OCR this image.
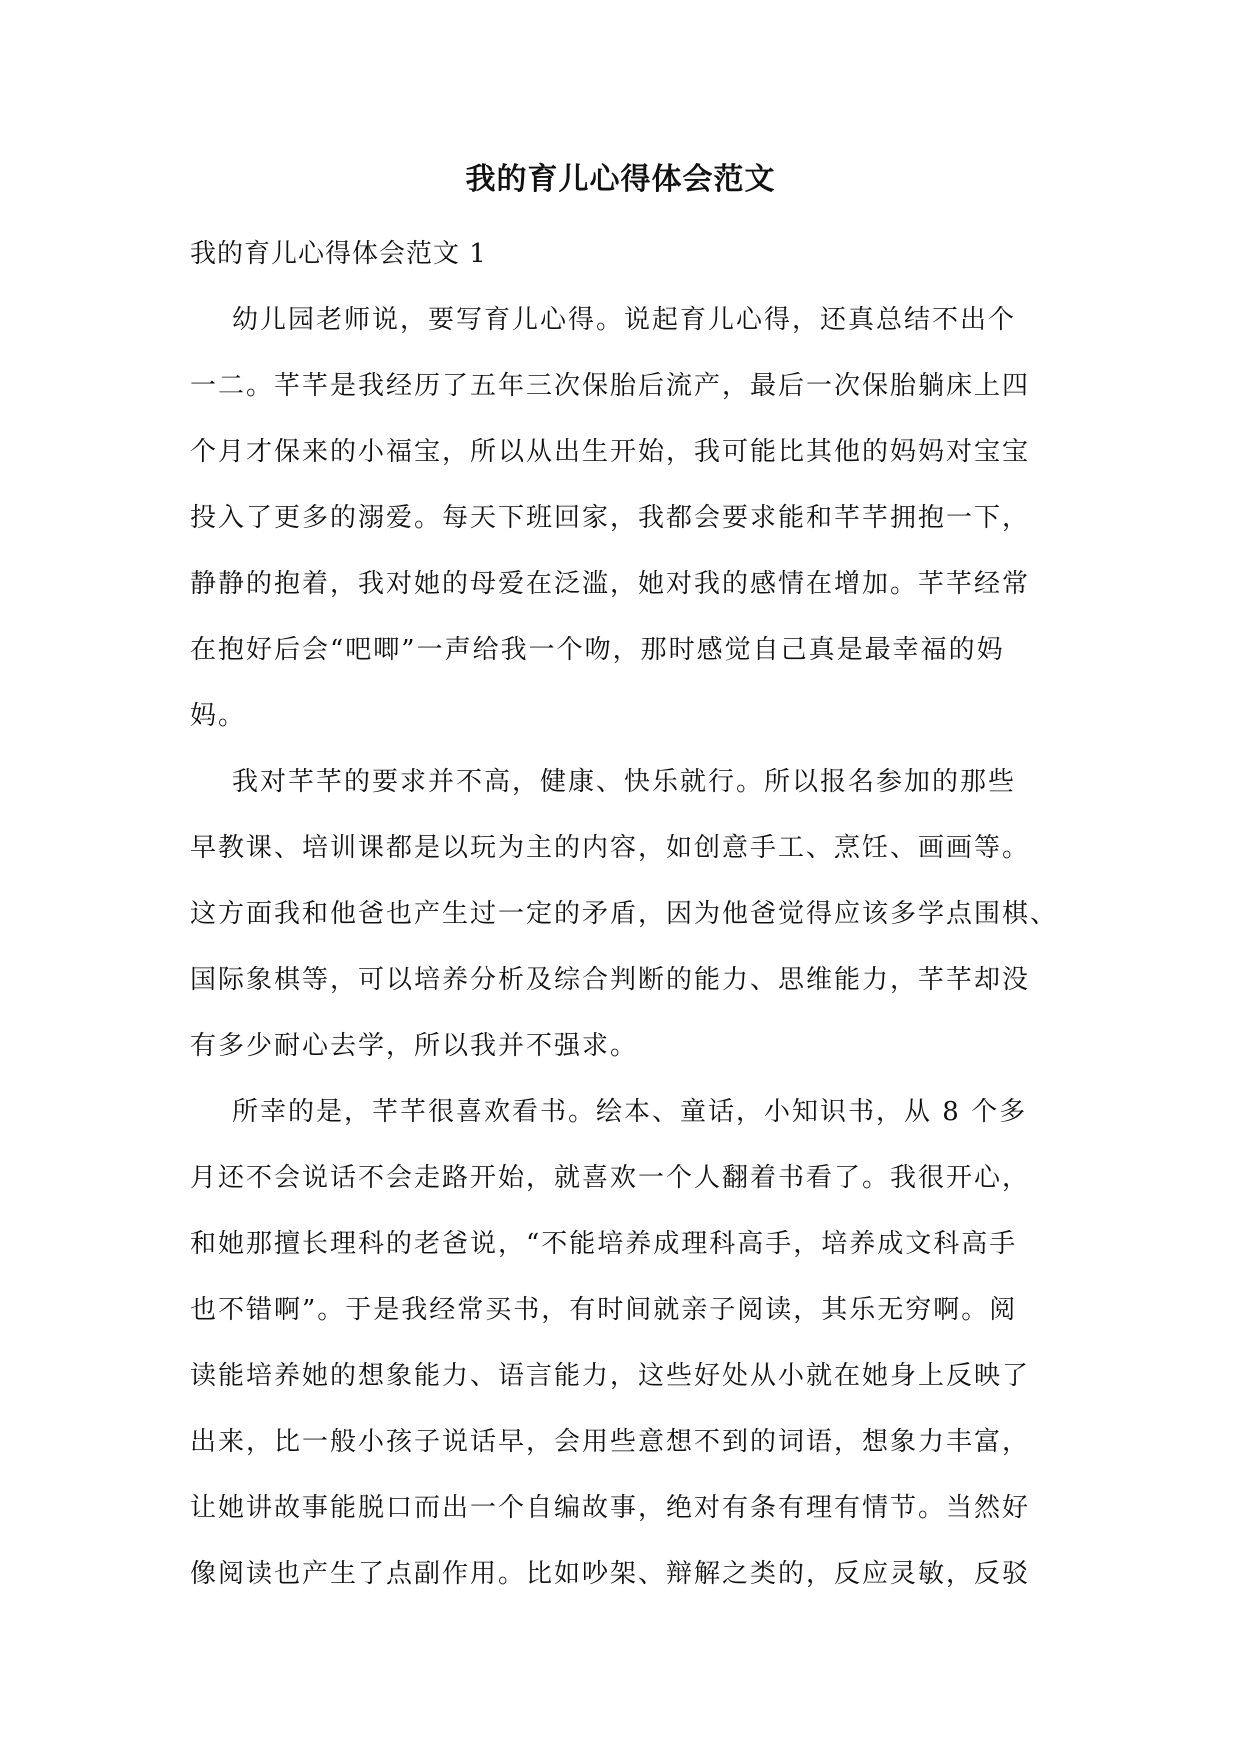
我的育儿心得体会范文
我的育儿心得体会范文 1
幼儿园老师说，要写育儿心得。说起育儿心得，还真总结不出个
一二。芊芊是我经历了五年三次保胎后流产，最后一次保胎躺床上四
个月才保来的小福宝，所以从出生开始，我可能比其他的妈妈对宝宝
投入了更多的溺爱。每天下班回家，我都会要求能和芊芊拥抱一下，
静静的抱着，我对她的母爱在泛滥，她对我的感情在增加。芊芊经常
在抱好后会“吧唧”一声给我一个吻，那时感觉自己真是最幸福的妈
妈。
我对芊芊的要求并不高，健康、快乐就行。所以报名参加的那些
早教课、培训课都是以玩为主的内容，如创意手工、烹饪、画画等。
这方面我和他爸也产生过一定的矛盾，因为他爸觉得应该多学点围棋、
国际象棋等，可以培养分析及综合判断的能力、思维能力，芊芊却没
有多少耐心去学，所以我并不强求。
所幸的是，芊芊很喜欢看书。绘本、童话，小知识书，从 8 个多
月还不会说话不会走路开始，就喜欢一个人翻着书看了。我很开心，
和她那擅长理科的老爸说，“不能培养成理科高手，培养成文科高手
也不错啊”。于是我经常买书，有时间就亲子阅读，其乐无穷啊。阅
读能培养她的想象能力、语言能力，这些好处从小就在她身上反映了
出来，比一般小孩子说话早，会用些意想不到的词语，想象力丰富，
让她讲故事能脱口而出一个自编故事，绝对有条有理有情节。当然好
像阅读也产生了点副作用。比如吵架、辩解之类的，反应灵敏，反驳
